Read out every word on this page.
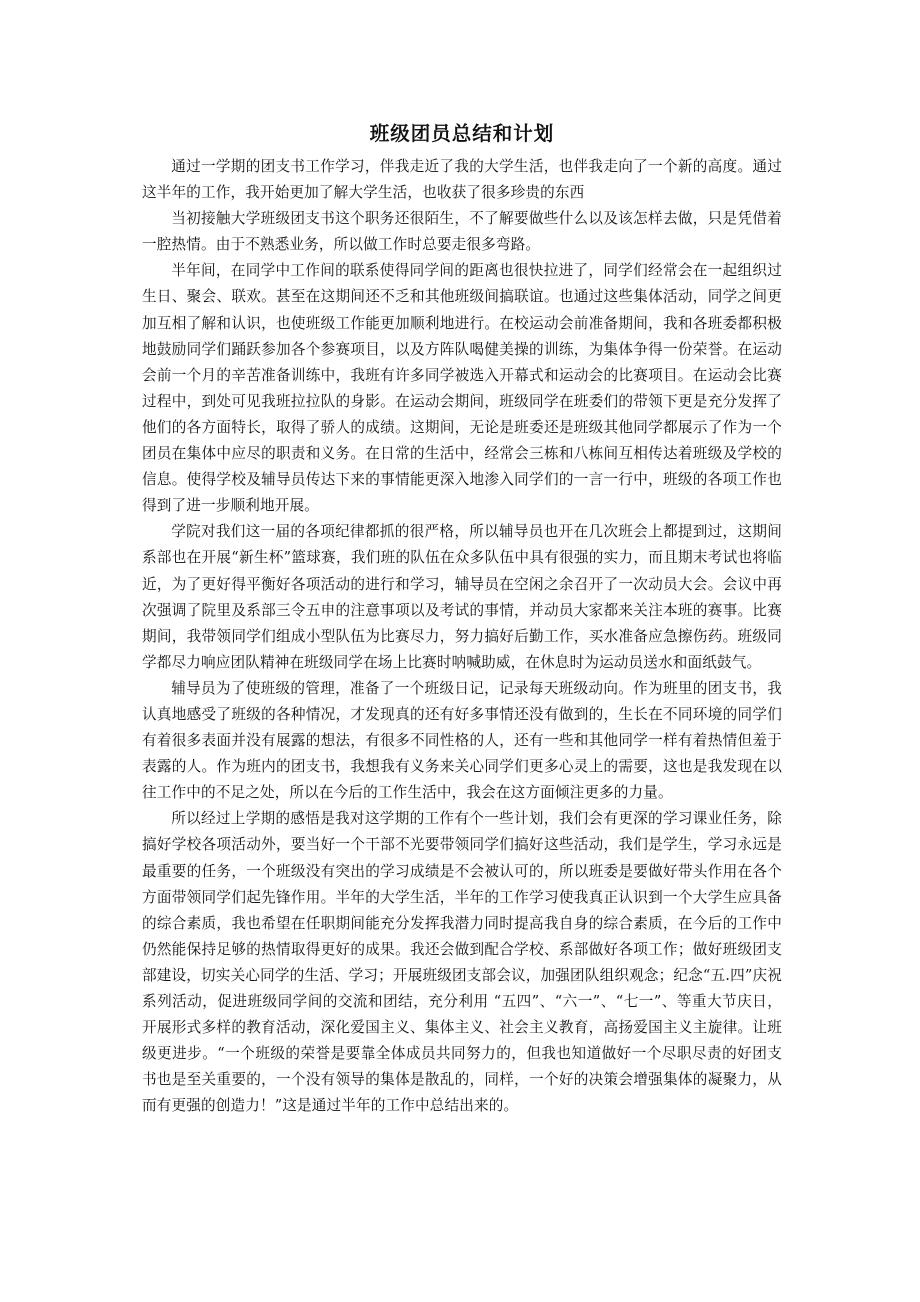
班级团员总结和计划

通过一学期的团支书工作学习，伴我走近了我的大学生活，也伴我走向了一个新的高度。通过这半年的工作，我开始更加了解大学生活，也收获了很多珍贵的东西

当初接触大学班级团支书这个职务还很陌生，不了解要做些什么以及该怎样去做，只是凭借着一腔热情。由于不熟悉业务，所以做工作时总要走很多弯路。

半年间，在同学中工作间的联系使得同学间的距离也很快拉进了，同学们经常会在一起组织过生日、聚会、联欢。甚至在这期间还不乏和其他班级间搞联谊。也通过这些集体活动，同学之间更加互相了解和认识，也使班级工作能更加顺利地进行。在校运动会前准备期间，我和各班委都积极地鼓励同学们踊跃参加各个参赛项目，以及方阵队喝健美操的训练，为集体争得一份荣誉。在运动会前一个月的辛苦准备训练中，我班有许多同学被选入开幕式和运动会的比赛项目。在运动会比赛过程中，到处可见我班拉拉队的身影。在运动会期间，班级同学在班委们的带领下更是充分发挥了他们的各方面特长，取得了骄人的成绩。这期间，无论是班委还是班级其他同学都展示了作为一个团员在集体中应尽的职责和义务。在日常的生活中，经常会三栋和八栋间互相传达着班级及学校的信息。使得学校及辅导员传达下来的事情能更深入地渗入同学们的一言一行中，班级的各项工作也得到了进一步顺利地开展。

学院对我们这一届的各项纪律都抓的很严格，所以辅导员也开在几次班会上都提到过，这期间系部也在开展“新生杯”篮球赛，我们班的队伍在众多队伍中具有很强的实力，而且期末考试也将临近，为了更好得平衡好各项活动的进行和学习，辅导员在空闲之余召开了一次动员大会。会议中再次强调了院里及系部三令五申的注意事项以及考试的事情，并动员大家都来关注本班的赛事。比赛期间，我带领同学们组成小型队伍为比赛尽力，努力搞好后勤工作，买水准备应急擦伤药。班级同学都尽力响应团队精神在班级同学在场上比赛时呐喊助威，在休息时为运动员送水和面纸鼓气。

辅导员为了使班级的管理，准备了一个班级日记，记录每天班级动向。作为班里的团支书，我认真地感受了班级的各种情况，才发现真的还有好多事情还没有做到的，生长在不同环境的同学们有着很多表面并没有展露的想法，有很多不同性格的人，还有一些和其他同学一样有着热情但羞于表露的人。作为班内的团支书，我想我有义务来关心同学们更多心灵上的需要，这也是我发现在以往工作中的不足之处，所以在今后的工作生活中，我会在这方面倾注更多的力量。

所以经过上学期的感悟是我对这学期的工作有个一些计划，我们会有更深的学习课业任务，除搞好学校各项活动外，要当好一个干部不光要带领同学们搞好这些活动，我们是学生，学习永远是最重要的任务，一个班级没有突出的学习成绩是不会被认可的，所以班委是要做好带头作用在各个方面带领同学们起先锋作用。半年的大学生活，半年的工作学习使我真正认识到一个大学生应具备的综合素质，我也希望在任职期间能充分发挥我潜力同时提高我自身的综合素质，在今后的工作中仍然能保持足够的热情取得更好的成果。我还会做到配合学校、系部做好各项工作；做好班级团支部建设，切实关心同学的生活、学习；开展班级团支部会议，加强团队组织观念；纪念“五.四”庆祝系列活动，促进班级同学间的交流和团结，充分利用 “五四”、“六一”、“七一”、等重大节庆日，开展形式多样的教育活动，深化爱国主义、集体主义、社会主义教育，高扬爱国主义主旋律。让班级更进步。“一个班级的荣誉是要靠全体成员共同努力的，但我也知道做好一个尽职尽责的好团支书也是至关重要的，一个没有领导的集体是散乱的，同样，一个好的决策会增强集体的凝聚力，从而有更强的创造力！”这是通过半年的工作中总结出来的。
